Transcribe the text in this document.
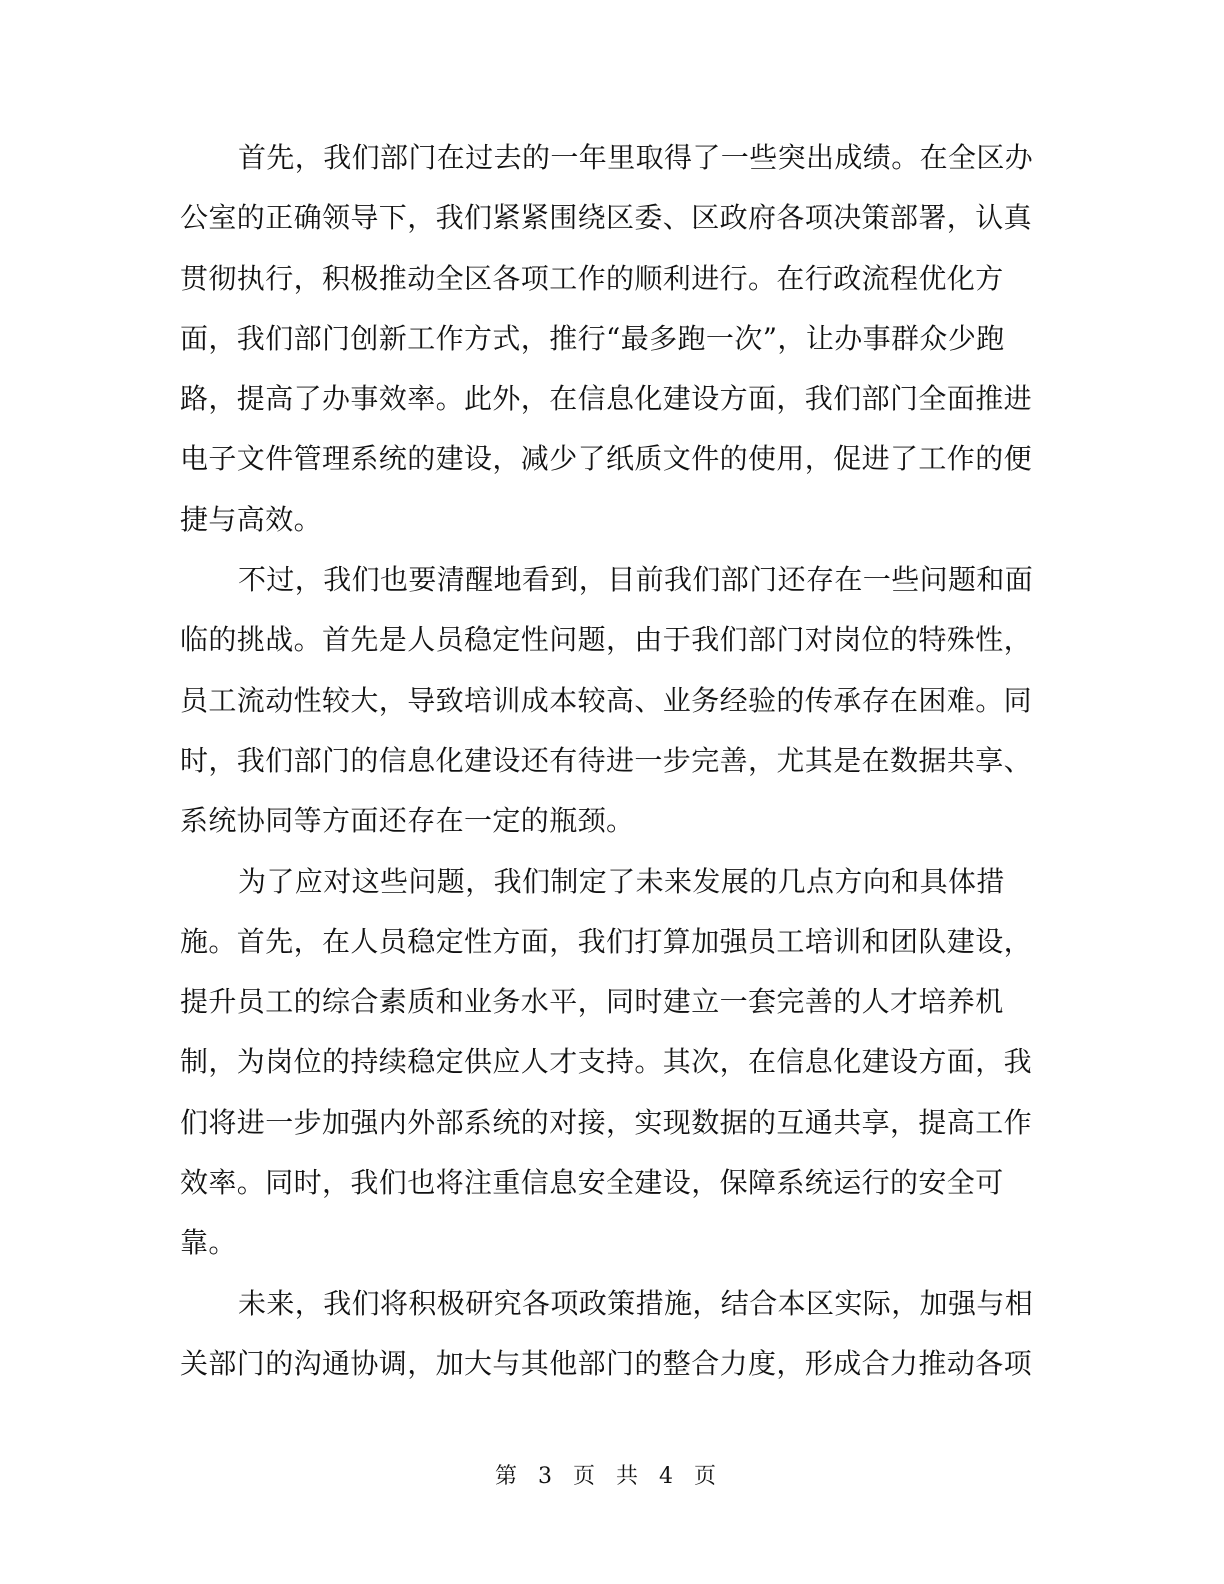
首先，我们部门在过去的一年里取得了一些突出成绩。在全区办
公室的正确领导下，我们紧紧围绕区委、区政府各项决策部署，认真
贯彻执行，积极推动全区各项工作的顺利进行。在行政流程优化方
面，我们部门创新工作方式，推行“最多跑一次”，让办事群众少跑
路，提高了办事效率。此外，在信息化建设方面，我们部门全面推进
电子文件管理系统的建设，减少了纸质文件的使用，促进了工作的便
捷与高效。
不过，我们也要清醒地看到，目前我们部门还存在一些问题和面
临的挑战。首先是人员稳定性问题，由于我们部门对岗位的特殊性，
员工流动性较大，导致培训成本较高、业务经验的传承存在困难。同
时，我们部门的信息化建设还有待进一步完善，尤其是在数据共享、
系统协同等方面还存在一定的瓶颈。
为了应对这些问题，我们制定了未来发展的几点方向和具体措
施。首先，在人员稳定性方面，我们打算加强员工培训和团队建设，
提升员工的综合素质和业务水平，同时建立一套完善的人才培养机
制，为岗位的持续稳定供应人才支持。其次，在信息化建设方面，我
们将进一步加强内外部系统的对接，实现数据的互通共享，提高工作
效率。同时，我们也将注重信息安全建设，保障系统运行的安全可
靠。
未来，我们将积极研究各项政策措施，结合本区实际，加强与相
关部门的沟通协调，加大与其他部门的整合力度，形成合力推动各项
第 3 页 共 4 页
